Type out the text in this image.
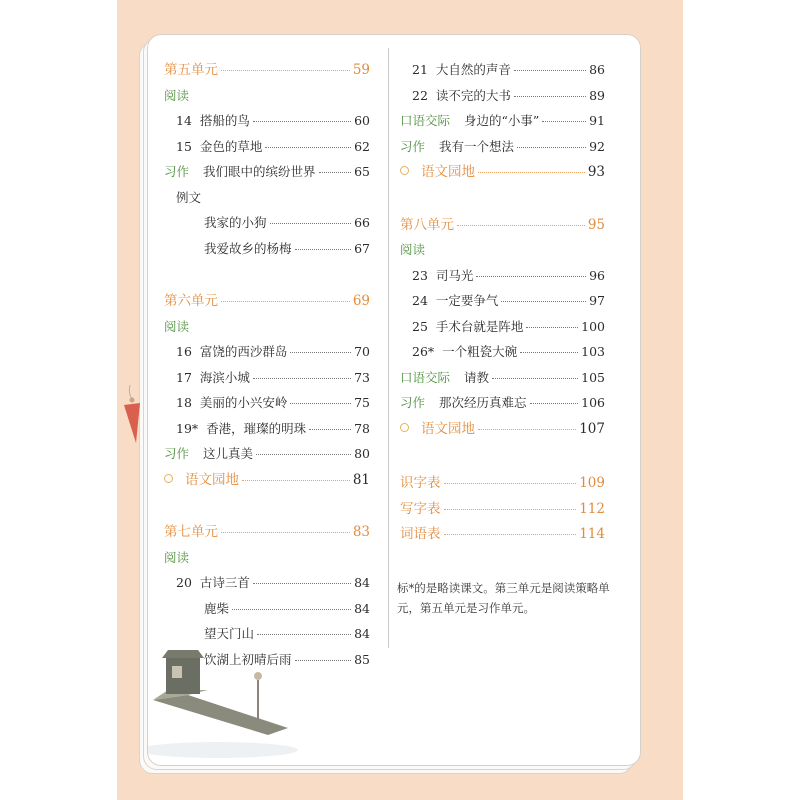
第五单元	59
阅读
14 搭船的鸟	60
15 金色的草地	62
习作 我们眼中的缤纷世界	65
例文
我家的小狗	66
我爱故乡的杨梅	67
第六单元	69
阅读
16 富饶的西沙群岛	70
17 海滨小城	73
18 美丽的小兴安岭	75
19* 香港，璀璨的明珠	78
习作 这儿真美	80
语文园地	81
第七单元	83
阅读
20 古诗三首	84
鹿柴	84
望天门山	84
饮湖上初晴后雨	85
21 大自然的声音	86
22 读不完的大书	89
口语交际 身边的“小事”	91
习作 我有一个想法	92
语文园地	93
第八单元	95
阅读
23 司马光	96
24 一定要争气	97
25 手术台就是阵地	100
26* 一个粗瓷大碗	103
口语交际 请教	105
习作 那次经历真难忘	106
语文园地	107
识字表	109
写字表	112
词语表	114
标*的是略读课文。第三单元是阅读策略单元，第五单元是习作单元。
